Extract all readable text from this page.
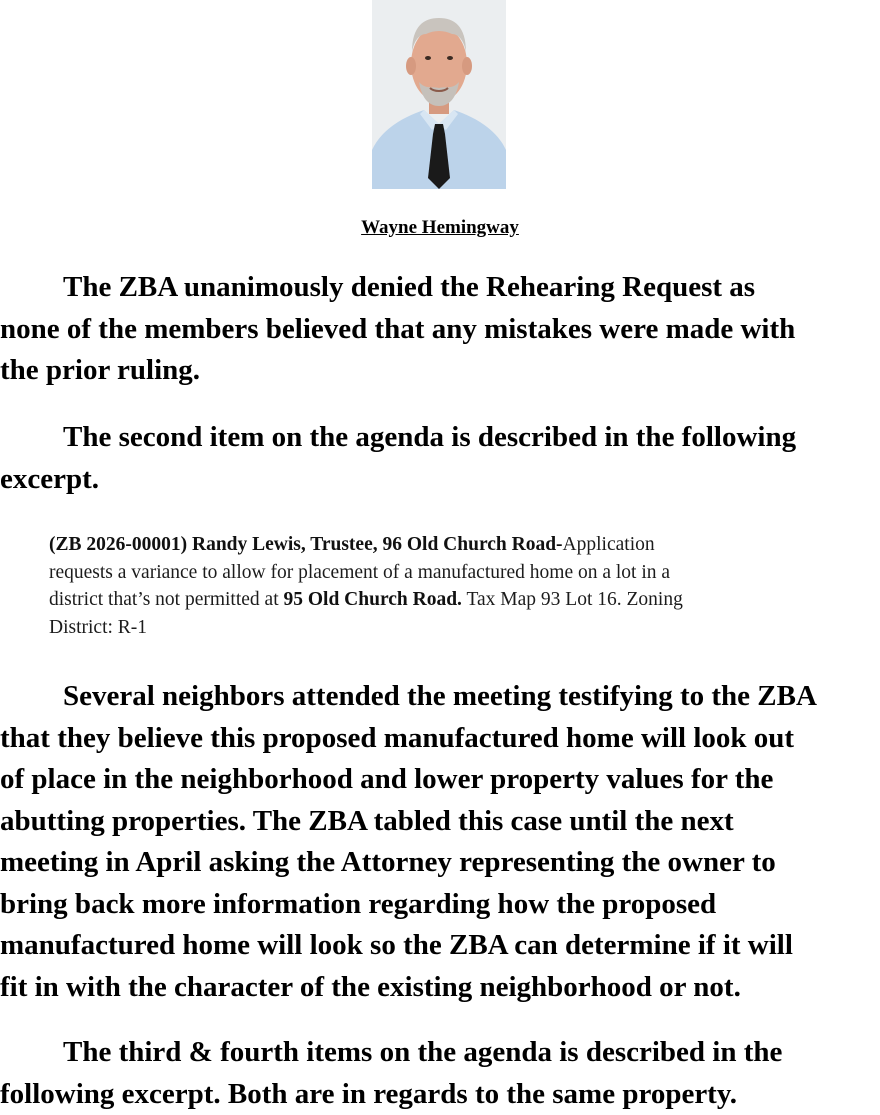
Wayne Hemingway

The ZBA unanimously denied the Rehearing Request as
none of the members believed that any mistakes were made with
the prior ruling.

The second item on the agenda is described in the following
excerpt.

(ZB 2026-00001) Randy Lewis, Trustee, 96 Old Church Road-Application
requests a variance to allow for placement of a manufactured home on a lot in a
district that’s not permitted at 95 Old Church Road. Tax Map 93 Lot 16. Zoning
District: R-1

Several neighbors attended the meeting testifying to the ZBA
that they believe this proposed manufactured home will look out
of place in the neighborhood and lower property values for the
abutting properties. The ZBA tabled this case until the next
meeting in April asking the Attorney representing the owner to
bring back more information regarding how the proposed
manufactured home will look so the ZBA can determine if it will
fit in with the character of the existing neighborhood or not.

The third & fourth items on the agenda is described in the
following excerpt. Both are in regards to the same property.
